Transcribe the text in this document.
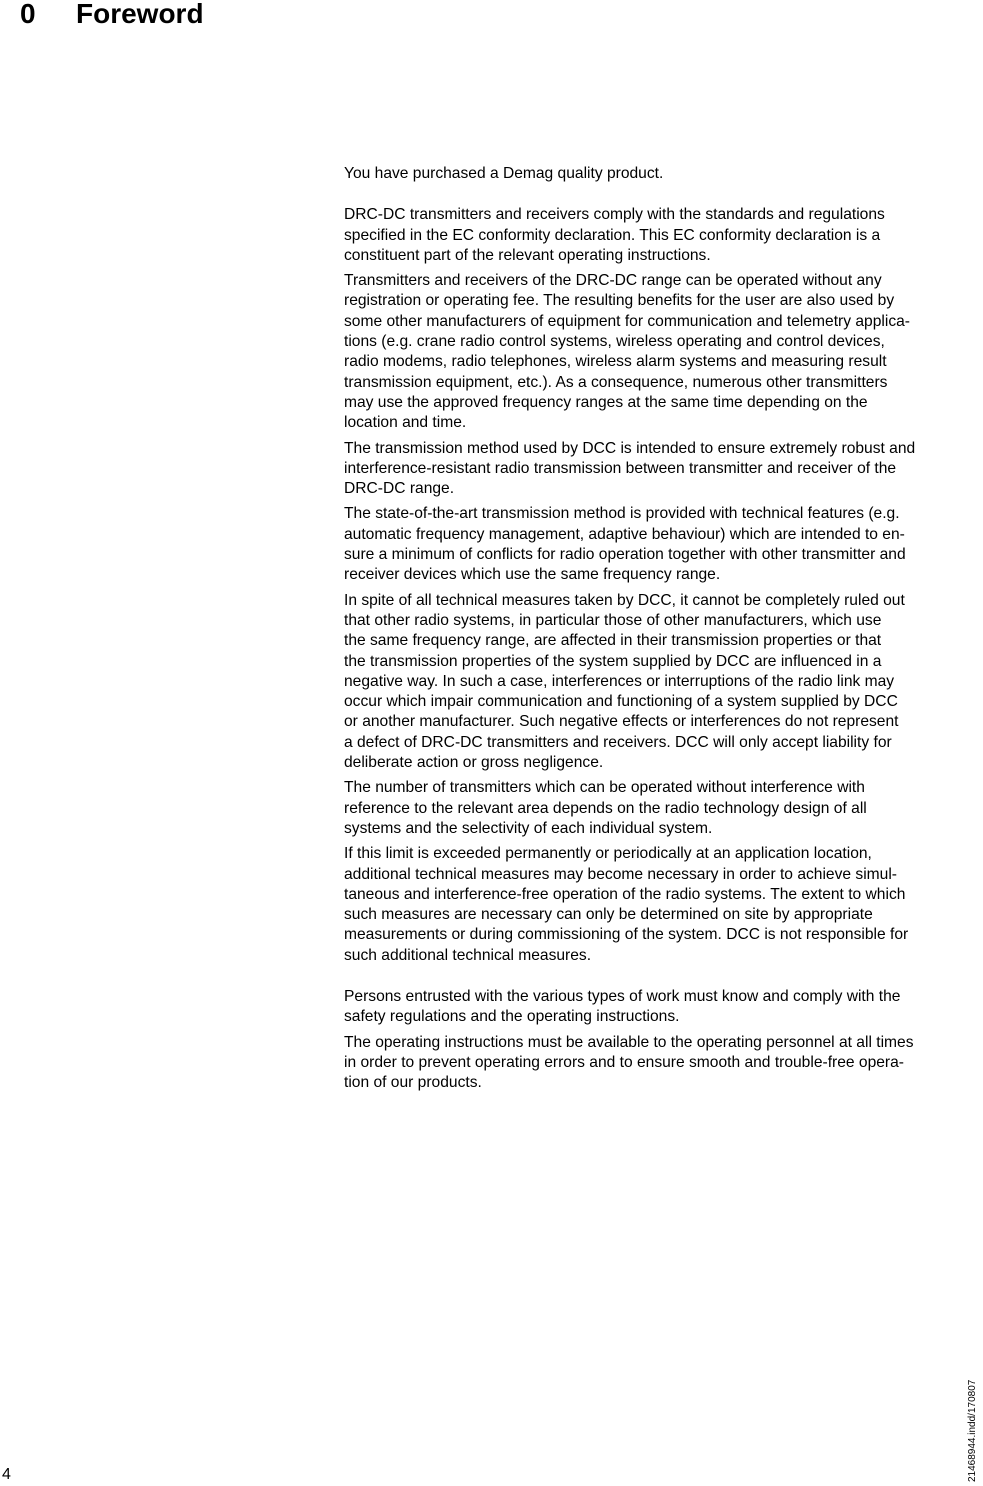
0 Foreword

You have purchased a Demag quality product.

DRC-DC transmitters and receivers comply with the standards and regulations
specified in the EC conformity declaration. This EC conformity declaration is a
constituent part of the relevant operating instructions.

Transmitters and receivers of the DRC-DC range can be operated without any
registration or operating fee. The resulting benefits for the user are also used by
some other manufacturers of equipment for communication and telemetry applica-
tions (e.g. crane radio control systems, wireless operating and control devices,
radio modems, radio telephones, wireless alarm systems and measuring result
transmission equipment, etc.). As a consequence, numerous other transmitters
may use the approved frequency ranges at the same time depending on the
location and time.

The transmission method used by DCC is intended to ensure extremely robust and
interference-resistant radio transmission between transmitter and receiver of the
DRC-DC range.

The state-of-the-art transmission method is provided with technical features (e.g.
automatic frequency management, adaptive behaviour) which are intended to en-
sure a minimum of conflicts for radio operation together with other transmitter and
receiver devices which use the same frequency range.

In spite of all technical measures taken by DCC, it cannot be completely ruled out
that other radio systems, in particular those of other manufacturers, which use
the same frequency range, are affected in their transmission properties or that
the transmission properties of the system supplied by DCC are influenced in a
negative way. In such a case, interferences or interruptions of the radio link may
occur which impair communication and functioning of a system supplied by DCC
or another manufacturer. Such negative effects or interferences do not represent
a defect of DRC-DC transmitters and receivers. DCC will only accept liability for
deliberate action or gross negligence.

The number of transmitters which can be operated without interference with
reference to the relevant area depends on the radio technology design of all
systems and the selectivity of each individual system.

If this limit is exceeded permanently or periodically at an application location,
additional technical measures may become necessary in order to achieve simul-
taneous and interference-free operation of the radio systems. The extent to which
such measures are necessary can only be determined on site by appropriate
measurements or during commissioning of the system. DCC is not responsible for
such additional technical measures.

Persons entrusted with the various types of work must know and comply with the
safety regulations and the operating instructions.

The operating instructions must be available to the operating personnel at all times
in order to prevent operating errors and to ensure smooth and trouble-free opera-
tion of our products.

4	21468944.indd/170807
